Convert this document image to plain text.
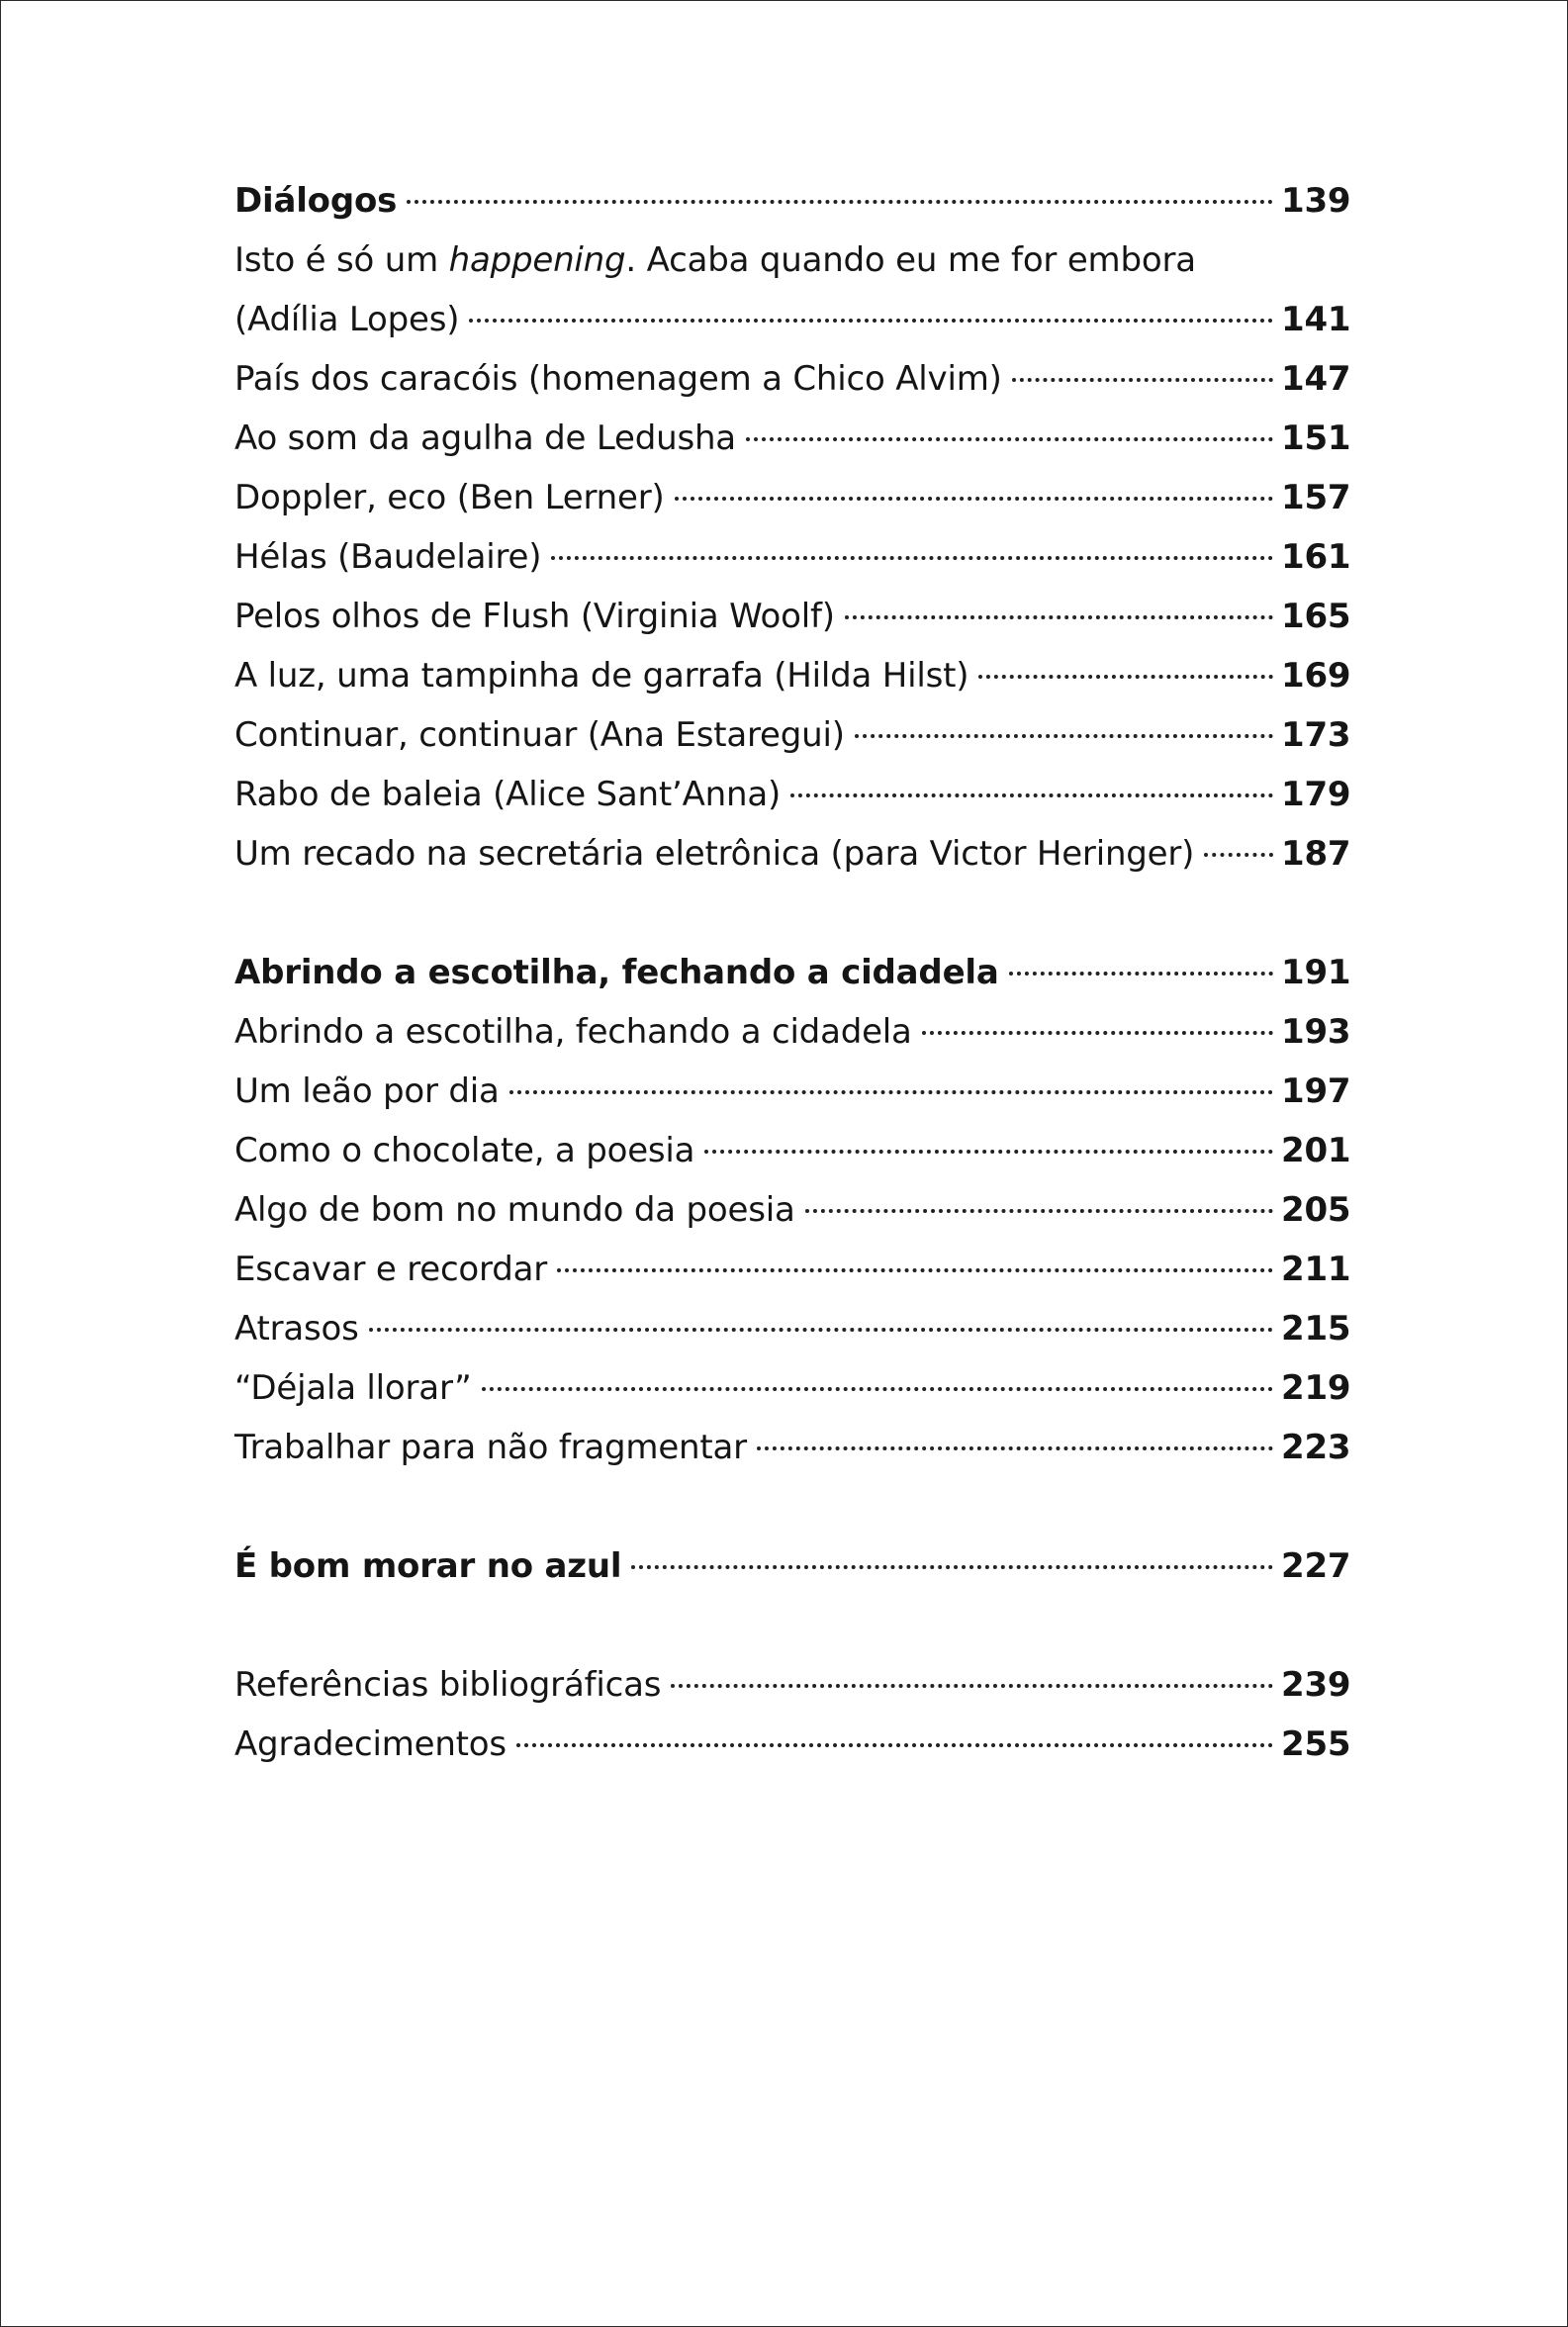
Diálogos	139
Isto é só um happening. Acaba quando eu me for embora
(Adília Lopes)	141
País dos caracóis (homenagem a Chico Alvim)	147
Ao som da agulha de Ledusha	151
Doppler, eco (Ben Lerner)	157
Hélas (Baudelaire)	161
Pelos olhos de Flush (Virginia Woolf)	165
A luz, uma tampinha de garrafa (Hilda Hilst)	169
Continuar, continuar (Ana Estaregui)	173
Rabo de baleia (Alice Sant’Anna)	179
Um recado na secretária eletrônica (para Victor Heringer)	187
Abrindo a escotilha, fechando a cidadela	191
Abrindo a escotilha, fechando a cidadela	193
Um leão por dia	197
Como o chocolate, a poesia	201
Algo de bom no mundo da poesia	205
Escavar e recordar	211
Atrasos	215
“Déjala llorar”	219
Trabalhar para não fragmentar	223
É bom morar no azul	227
Referências bibliográficas	239
Agradecimentos	255
